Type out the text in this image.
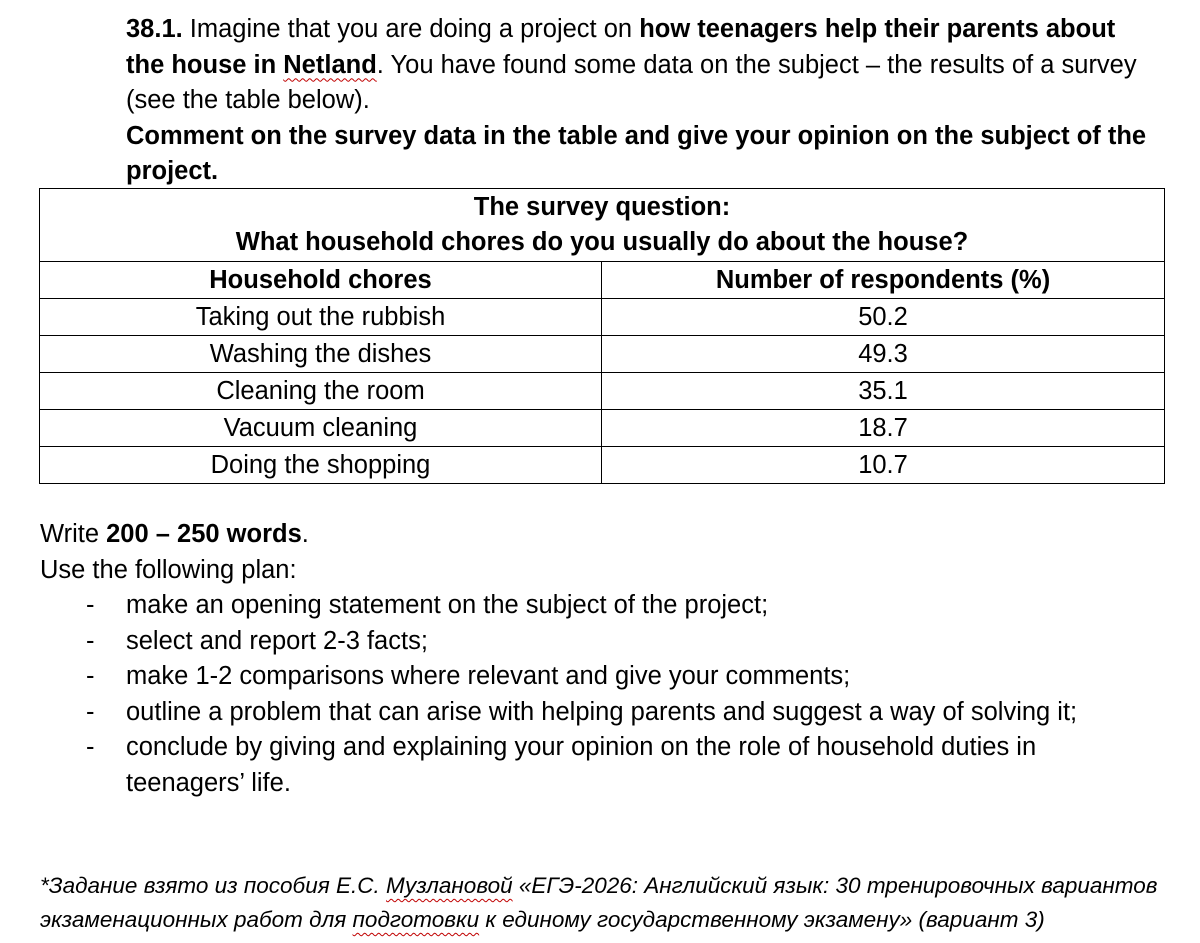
38.1. Imagine that you are doing a project on how teenagers help their parents about the house in Netland. You have found some data on the subject – the results of a survey (see the table below).

Comment on the survey data in the table and give your opinion on the subject of the project.

The survey question:
What household chores do you usually do about the house?	

Household chores	Number of respondents (%)
Taking out the rubbish	50.2
Washing the dishes	49.3
Cleaning the room	35.1
Vacuum cleaning	18.7
Doing the shopping	10.7

Write 200 – 250 words.

Use the following plan:

- make an opening statement on the subject of the project;
- select and report 2-3 facts;
- make 1-2 comparisons where relevant and give your comments;
- outline a problem that can arise with helping parents and suggest a way of solving it;
- conclude by giving and explaining your opinion on the role of household duties in teenagers’ life.

*Задание взято из пособия Е.С. Музлановой «ЕГЭ-2026: Английский язык: 30 тренировочных вариантов экзаменационных работ для подготовки к единому государственному экзамену» (вариант 3)
